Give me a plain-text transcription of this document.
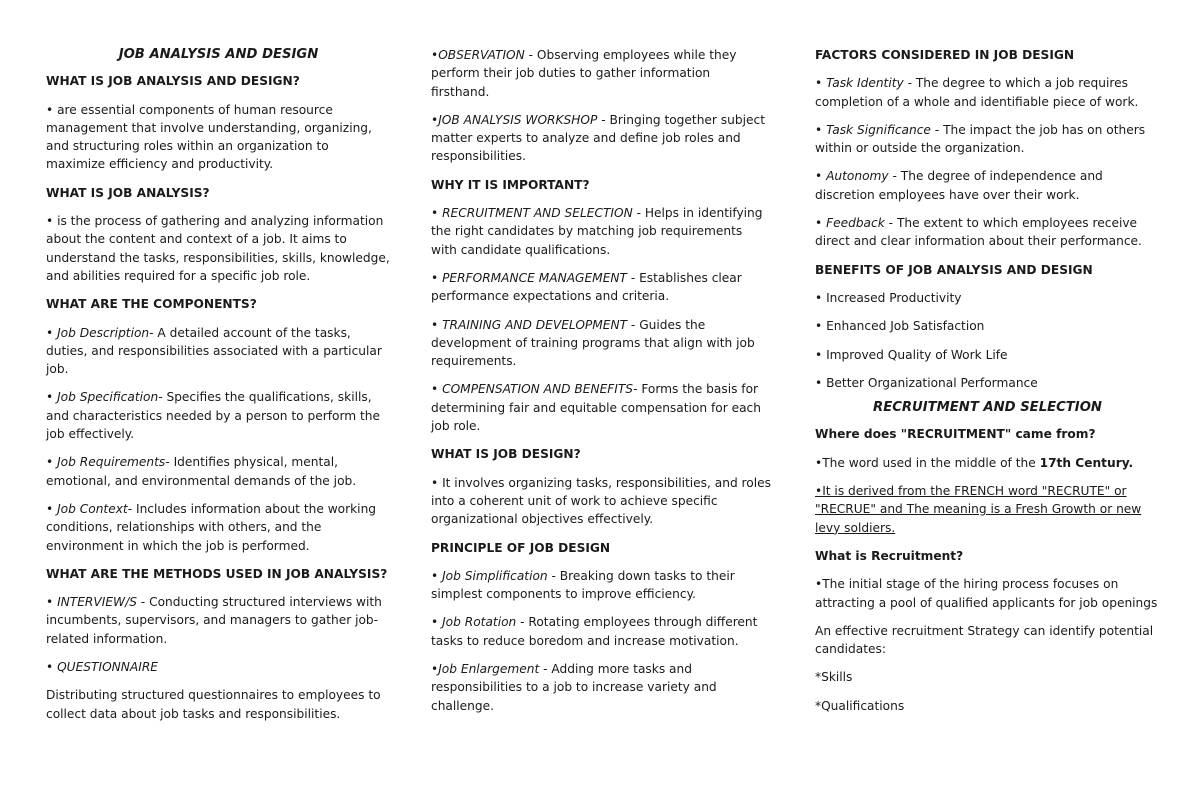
JOB ANALYSIS AND DESIGN
WHAT IS JOB ANALYSIS AND DESIGN?
• are essential components of human resource management that involve understanding, organizing, and structuring roles within an organization to maximize efficiency and productivity.
WHAT IS JOB ANALYSIS?
• is the process of gathering and analyzing information about the content and context of a job. It aims to understand the tasks, responsibilities, skills, knowledge, and abilities required for a specific job role.
WHAT ARE THE COMPONENTS?
• Job Description- A detailed account of the tasks, duties, and responsibilities associated with a particular job.
• Job Specification- Specifies the qualifications, skills, and characteristics needed by a person to perform the job effectively.
• Job Requirements- Identifies physical, mental, emotional, and environmental demands of the job.
• Job Context- Includes information about the working conditions, relationships with others, and the environment in which the job is performed.
WHAT ARE THE METHODS USED IN JOB ANALYSIS?
• INTERVIEW/S - Conducting structured interviews with incumbents, supervisors, and managers to gather job-related information.
• QUESTIONNAIRE
Distributing structured questionnaires to employees to collect data about job tasks and responsibilities.
•OBSERVATION - Observing employees while they perform their job duties to gather information firsthand.
•JOB ANALYSIS WORKSHOP - Bringing together subject matter experts to analyze and define job roles and responsibilities.
WHY IT IS IMPORTANT?
• RECRUITMENT AND SELECTION - Helps in identifying the right candidates by matching job requirements with candidate qualifications.
• PERFORMANCE MANAGEMENT - Establishes clear performance expectations and criteria.
• TRAINING AND DEVELOPMENT - Guides the development of training programs that align with job requirements.
• COMPENSATION AND BENEFITS- Forms the basis for determining fair and equitable compensation for each job role.
WHAT IS JOB DESIGN?
• It involves organizing tasks, responsibilities, and roles into a coherent unit of work to achieve specific organizational objectives effectively.
PRINCIPLE OF JOB DESIGN
• Job Simplification - Breaking down tasks to their simplest components to improve efficiency.
• Job Rotation - Rotating employees through different tasks to reduce boredom and increase motivation.
•Job Enlargement - Adding more tasks and responsibilities to a job to increase variety and challenge.
FACTORS CONSIDERED IN JOB DESIGN
• Task Identity - The degree to which a job requires completion of a whole and identifiable piece of work.
• Task Significance - The impact the job has on others within or outside the organization.
• Autonomy - The degree of independence and discretion employees have over their work.
• Feedback - The extent to which employees receive direct and clear information about their performance.
BENEFITS OF JOB ANALYSIS AND DESIGN
• Increased Productivity
• Enhanced Job Satisfaction
• Improved Quality of Work Life
• Better Organizational Performance
RECRUITMENT AND SELECTION
Where does "RECRUITMENT" came from?
•The word used in the middle of the 17th Century.
•It is derived from the FRENCH word "RECRUTE" or "RECRUE" and The meaning is a Fresh Growth or new levy soldiers.
What is Recruitment?
•The initial stage of the hiring process focuses on attracting a pool of qualified applicants for job openings
An effective recruitment Strategy can identify potential candidates:
*Skills
*Qualifications
